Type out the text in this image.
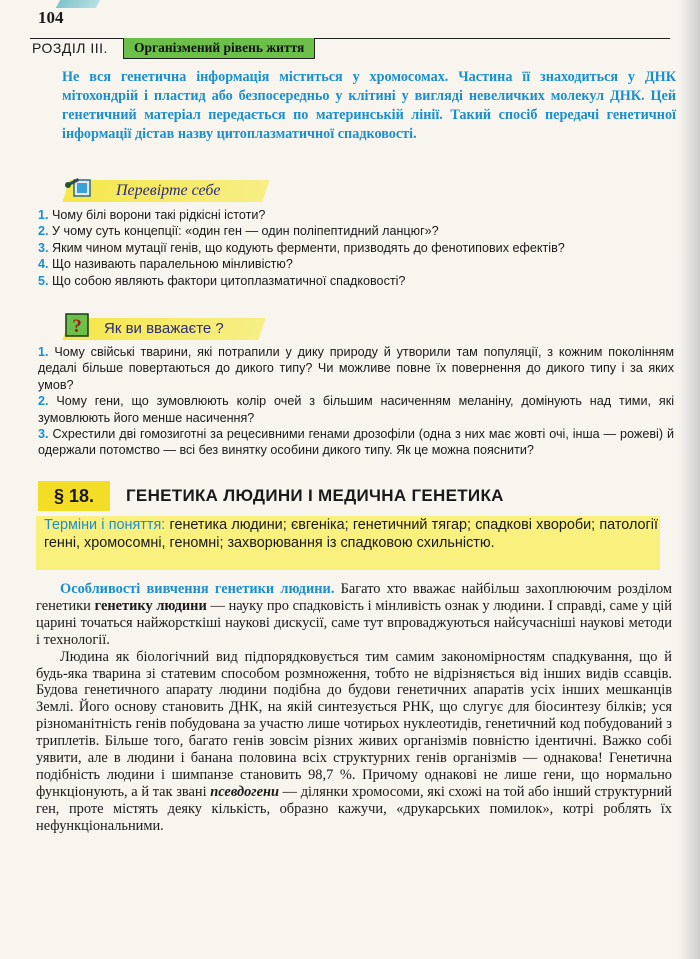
104
РОЗДІЛ III.	Організмений рівень життя
Не вся генетична інформація міститься у хромосомах. Частина її знаходиться у ДНК мітохондрій і пластид або безпосередньо у клітині у вигляді невеличких молекул ДНК. Цей генетичний матеріал передається по материнській лінії. Такий спосіб передачі генетичної інформації дістав назву цитоплазматичної спадковості.
Перевірте себе
1. Чому білі ворони такі рідкісні істоти?
2. У чому суть концепції: «один ген — один поліпептидний ланцюг»?
3. Яким чином мутації генів, що кодують ферменти, призводять до фенотипових ефектів?
4. Що називають паралельною мінливістю?
5. Що собою являють фактори цитоплазматичної спадковості?
? Як ви вважаєте ?
1. Чому свійські тварини, які потрапили у дику природу й утворили там популяції, з кожним поколінням дедалі більше повертаються до дикого типу? Чи можливе повне їх повернення до дикого типу і за яких умов?
2. Чому гени, що зумовлюють колір очей з більшим насиченням меланіну, домінують над тими, які зумовлюють його менше насичення?
3. Схрестили дві гомозиготні за рецесивними генами дрозофіли (одна з них має жовті очі, інша — рожеві) й одержали потомство — всі без винятку особини дикого типу. Як це можна пояснити?
§ 18.	ГЕНЕТИКА ЛЮДИНИ І МЕДИЧНА ГЕНЕТИКА
Терміни і поняття: генетика людини; євгеніка; генетичний тягар; спадкові хвороби; патології генні, хромосомні, геномні; захворювання із спадковою схильністю.

Особливості вивчення генетики людини. Багато хто вважає найбільш захоплюючим розділом генетики генетику людини — науку про спадковість і мінливість ознак у людини. І справді, саме у цій царині точаться найжорсткіші наукові дискусії, саме тут впроваджуються найсучасніші наукові методи і технології.

Людина як біологічний вид підпорядковується тим самим закономірностям спадкування, що й будь-яка тварина зі статевим способом розмноження, тобто не відрізняється від інших видів ссавців. Будова генетичного апарату людини подібна до будови генетичних апаратів усіх інших мешканців Землі. Його основу становить ДНК, на якій синтезується РНК, що слугує для біосинтезу білків; уся різноманітність генів побудована за участю лише чотирьох нуклеотидів, генетичний код побудований з триплетів. Більше того, багато генів зовсім різних живих організмів повністю ідентичні. Важко собі уявити, але в людини і банана половина всіх структурних генів організмів — однакова! Генетична подібність людини і шимпанзе становить 98,7 %. Причому однакові не лише гени, що нормально функціонують, а й так звані псевдогени — ділянки хромосоми, які схожі на той або інший структурний ген, проте містять деяку кількість, образно кажучи, «друкарських помилок», котрі роблять їх нефункціональними.
